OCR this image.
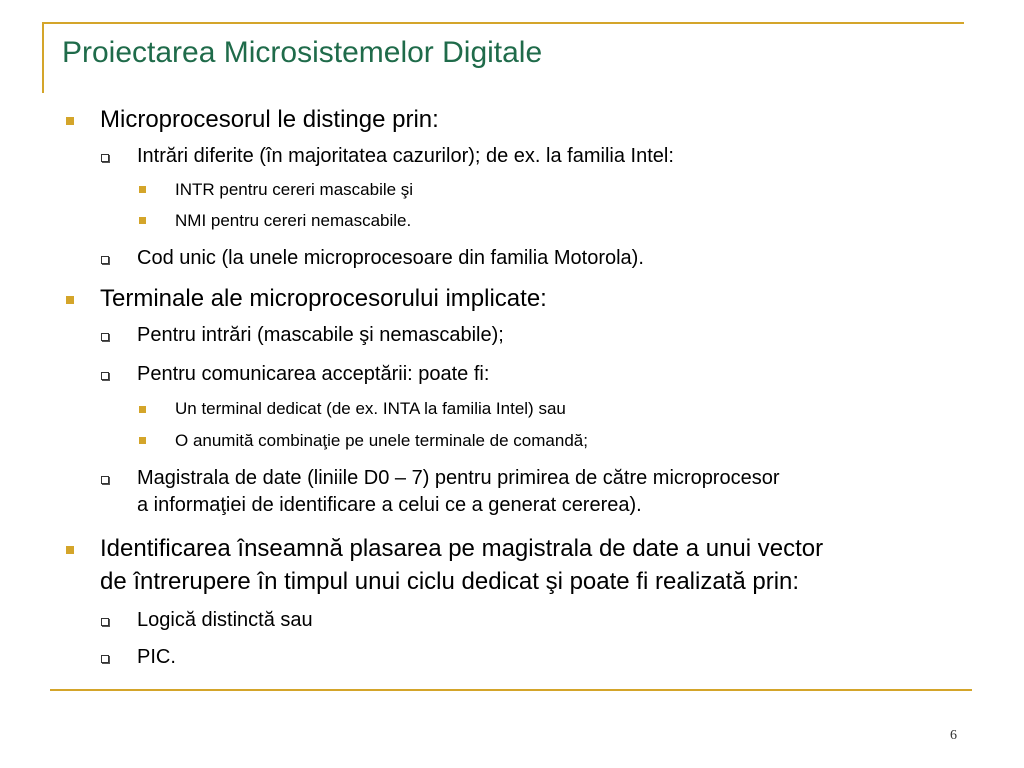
Proiectarea Microsistemelor Digitale
Microprocesorul le distinge prin:
Intrări diferite (în majoritatea cazurilor); de ex. la familia Intel:
INTR pentru cereri mascabile şi
NMI pentru cereri nemascabile.
Cod unic (la unele microprocesoare din familia Motorola).
Terminale ale microprocesorului implicate:
Pentru intrări (mascabile şi nemascabile);
Pentru comunicarea acceptării: poate fi:
Un terminal dedicat (de ex. INTA la familia Intel) sau
O anumită combinaţie pe unele terminale de comandă;
Magistrala de date (liniile D0 – 7) pentru primirea de către microprocesor
a informaţiei de identificare a celui ce a generat cererea).
Identificarea înseamnă plasarea pe magistrala de date a unui vector
de întrerupere în timpul unui ciclu dedicat şi poate fi realizată prin:
Logică distinctă sau
PIC.
6
